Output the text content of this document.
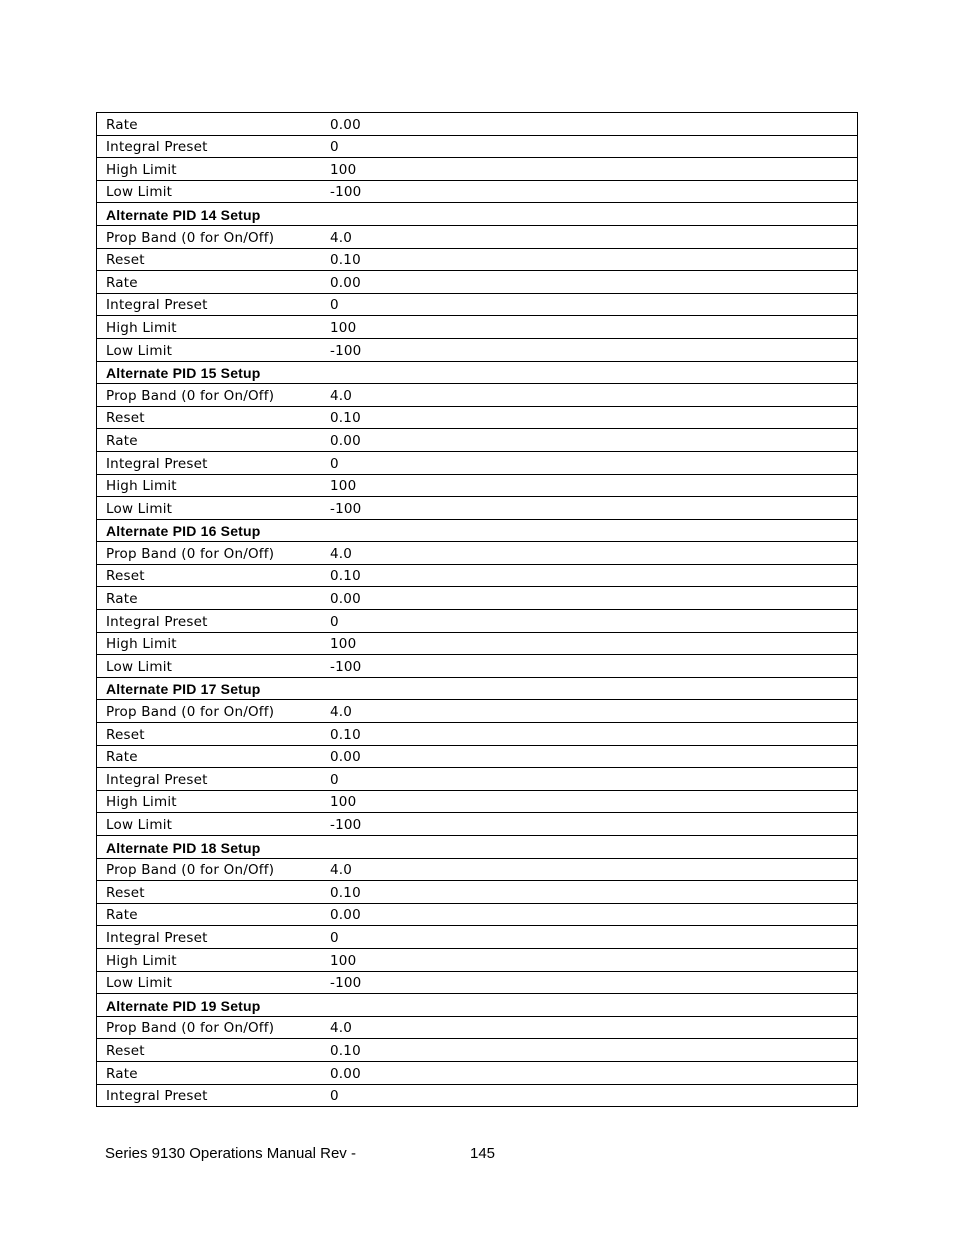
Rate	0.00
Integral Preset	0
High Limit	100
Low Limit	-100
Alternate PID 14 Setup	
Prop Band (0 for On/Off)	4.0
Reset	0.10
Rate	0.00
Integral Preset	0
High Limit	100
Low Limit	-100
Alternate PID 15 Setup	
Prop Band (0 for On/Off)	4.0
Reset	0.10
Rate	0.00
Integral Preset	0
High Limit	100
Low Limit	-100
Alternate PID 16 Setup	
Prop Band (0 for On/Off)	4.0
Reset	0.10
Rate	0.00
Integral Preset	0
High Limit	100
Low Limit	-100
Alternate PID 17 Setup	
Prop Band (0 for On/Off)	4.0
Reset	0.10
Rate	0.00
Integral Preset	0
High Limit	100
Low Limit	-100
Alternate PID 18 Setup	
Prop Band (0 for On/Off)	4.0
Reset	0.10
Rate	0.00
Integral Preset	0
High Limit	100
Low Limit	-100
Alternate PID 19 Setup	
Prop Band (0 for On/Off)	4.0
Reset	0.10
Rate	0.00
Integral Preset	0
Series 9130 Operations Manual Rev -	145
